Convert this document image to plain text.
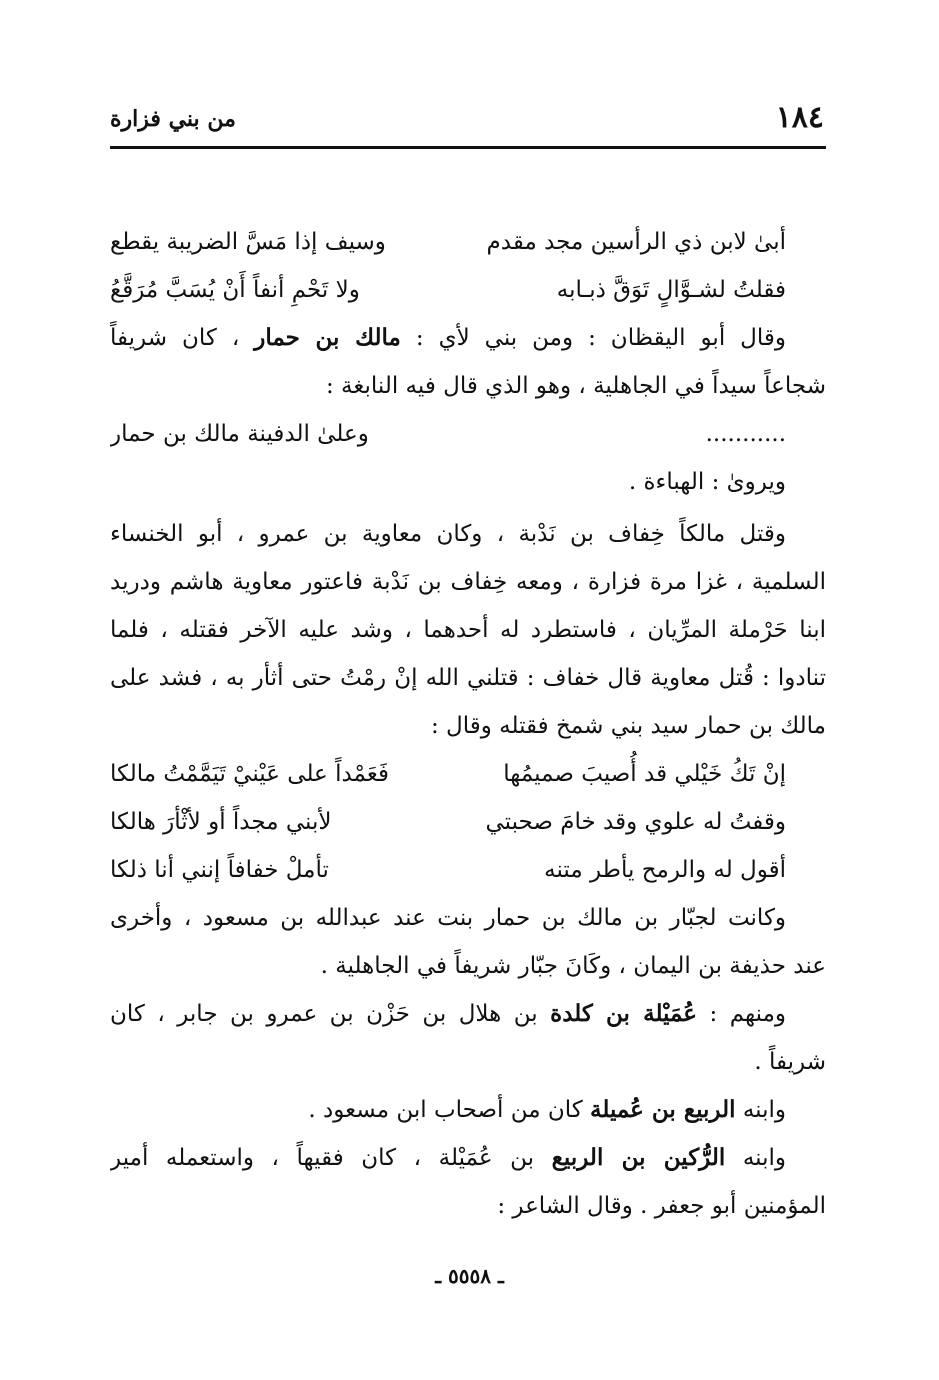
١٨٤
من بني فزارة
أبىٰ لابن ذي الرأسين مجد مقدم
وسيف إذا مَسَّ الضريبة يقطع
فقلتُ لشـوَّالٍ تَوَقَّ ذبـابه
ولا تَحْمِ أنفاً أَنْ يُسَبَّ مُرَقَّعُ
وقال أبو اليقظان : ومن بني لأي : مالك بن حمار ، كان شريفاً
شجاعاً سيداً في الجاهلية ، وهو الذي قال فيه النابغة :
...........
وعلىٰ الدفينة مالك بن حمار
ويروىٰ : الهباءة .
وقتل مالكاً خِفاف بن نَدْبة ، وكان معاوية بن عمرو ، أبو الخنساء
السلمية ، غزا مرة فزارة ، ومعه خِفاف بن نَدْبة فاعتور معاوية هاشم ودريد
ابنا حَرْملة المرِّيان ، فاستطرد له أحدهما ، وشد عليه الآخر فقتله ، فلما
تنادوا : قُتل معاوية قال خفاف : قتلني الله إنْ رمْتُ حتى أثأر به ، فشد على
مالك بن حمار سيد بني شمخ فقتله وقال :
إنْ تَكُ خَيْلي قد أُصيبَ صميمُها
فَعَمْداً على عَيْنيْ تَيَمَّمْتُ مالكا
وقفتُ له علوي وقد خامَ صحبتي
لأبني مجداً أو لأثْأرَ هالكا
أقول له والرمح يأطر متنه
تأملْ خفافاً إنني أنا ذلكا
وكانت لجبّار بن مالك بن حمار بنت عند عبدالله بن مسعود ، وأخرى
عند حذيفة بن اليمان ، وكَانَ جبّار شريفاً في الجاهلية .
ومنهم : عُمَيْلة بن كلدة بن هلال بن حَزْن بن عمرو بن جابر ، كان
شريفاً .
وابنه الربيع بن عُميلة كان من أصحاب ابن مسعود .
وابنه الرُّكين بن الربيع بن عُمَيْلة ، كان فقيهاً ، واستعمله أمير
المؤمنين أبو جعفر . وقال الشاعر :
ـ ٥٥٥٨ ـ
